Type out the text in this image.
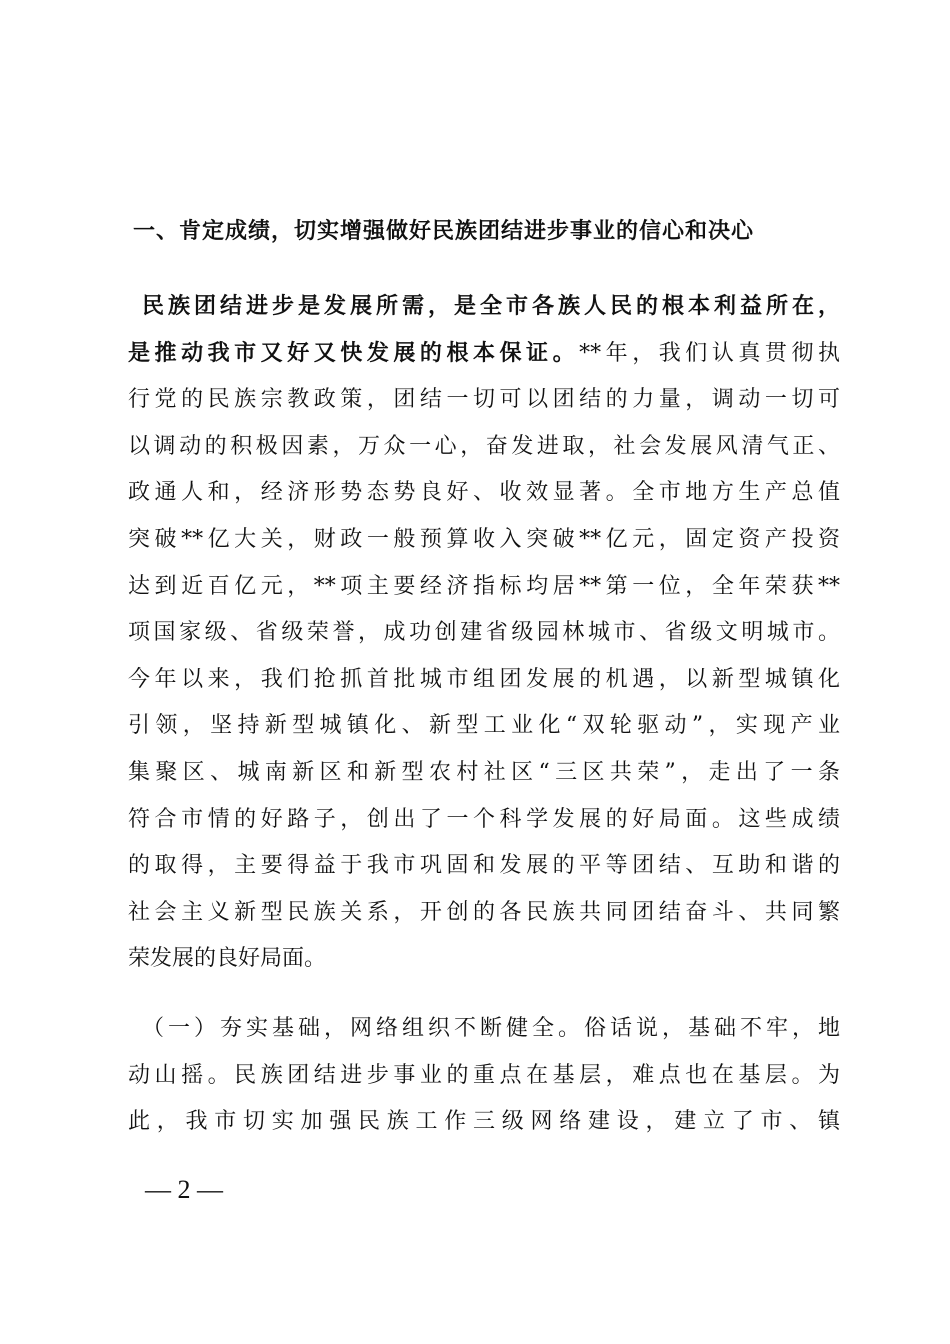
一、肯定成绩，切实增强做好民族团结进步事业的信心和决心
民族团结进步是发展所需，是全市各族人民的根本利益所在，
是推动我市又好又快发展的根本保证。**年，我们认真贯彻执
行党的民族宗教政策，团结一切可以团结的力量，调动一切可
以调动的积极因素，万众一心，奋发进取，社会发展风清气正、
政通人和，经济形势态势良好、收效显著。全市地方生产总值
突破**亿大关，财政一般预算收入突破**亿元，固定资产投资
达到近百亿元，**项主要经济指标均居**第一位，全年荣获**
项国家级、省级荣誉，成功创建省级园林城市、省级文明城市。
今年以来，我们抢抓首批城市组团发展的机遇，以新型城镇化
引领，坚持新型城镇化、新型工业化“双轮驱动”，实现产业
集聚区、城南新区和新型农村社区“三区共荣”，走出了一条
符合市情的好路子，创出了一个科学发展的好局面。这些成绩
的取得，主要得益于我市巩固和发展的平等团结、互助和谐的
社会主义新型民族关系，开创的各民族共同团结奋斗、共同繁
荣发展的良好局面。
（一）夯实基础，网络组织不断健全。俗话说，基础不牢，地
动山摇。民族团结进步事业的重点在基层，难点也在基层。为
此，我市切实加强民族工作三级网络建设，建立了市、镇
— 2 —
